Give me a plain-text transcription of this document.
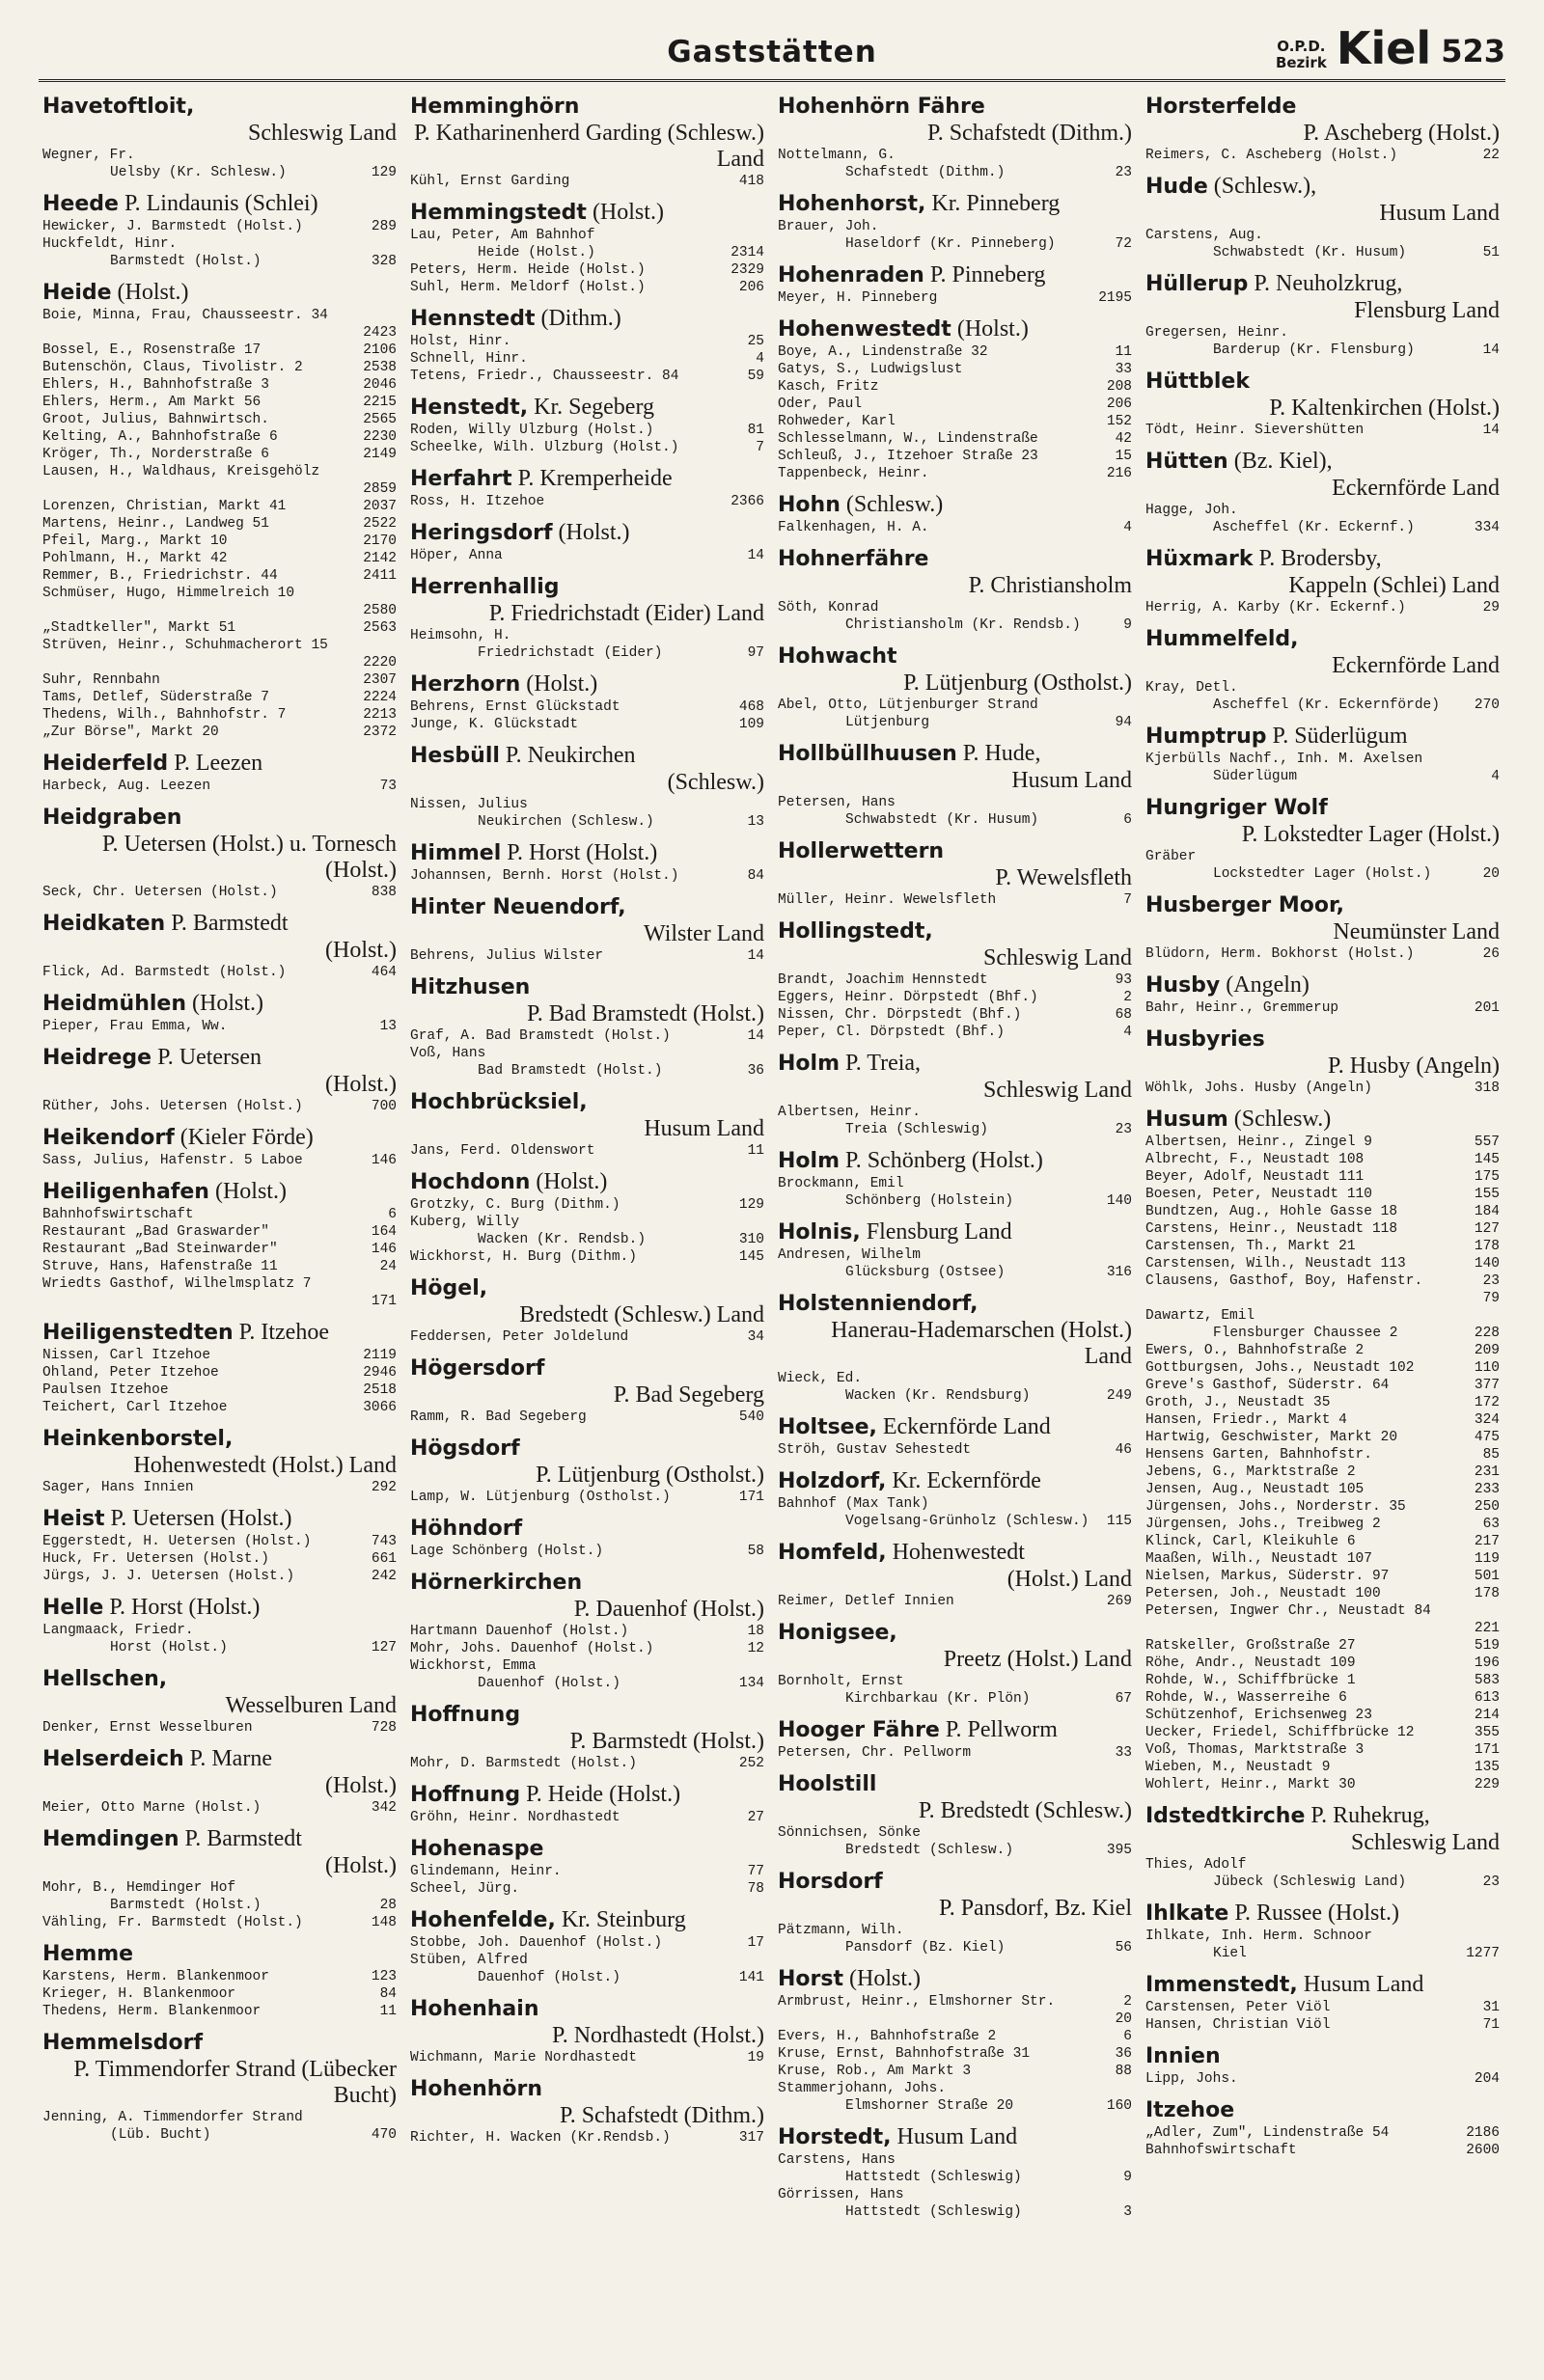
Gaststätten	O.P.D.
Bezirk Kiel 523
Havetoftloit,
Schleswig Land
Wegner, Fr.
Uelsby (Kr. Schlesw.)	129
Heede P. Lindaunis (Schlei)
Hewicker, J. Barmstedt (Holst.)	289
Huckfeldt, Hinr.
Barmstedt (Holst.)	328
Heide (Holst.)
Boie, Minna, Frau, Chausseestr. 34
2423
Bossel, E., Rosenstraße 17	2106
Butenschön, Claus, Tivolistr. 2	2538
Ehlers, H., Bahnhofstraße 3	2046
Ehlers, Herm., Am Markt 56	2215
Groot, Julius, Bahnwirtsch.	2565
Kelting, A., Bahnhofstraße 6	2230
Kröger, Th., Norderstraße 6	2149
Lausen, H., Waldhaus, Kreisgehölz
2859
Lorenzen, Christian, Markt 41	2037
Martens, Heinr., Landweg 51	2522
Pfeil, Marg., Markt 10	2170
Pohlmann, H., Markt 42	2142
Remmer, B., Friedrichstr. 44	2411
Schmüser, Hugo, Himmelreich 10
2580
„Stadtkeller", Markt 51	2563
Strüven, Heinr., Schuhmacherort 15
2220
Suhr, Rennbahn	2307
Tams, Detlef, Süderstraße 7	2224
Thedens, Wilh., Bahnhofstr. 7	2213
„Zur Börse", Markt 20	2372
Heiderfeld P. Leezen
Harbeck, Aug. Leezen	73
Heidgraben
P. Uetersen (Holst.) u. Tornesch (Holst.)
Seck, Chr. Uetersen (Holst.)	838
Heidkaten P. Barmstedt
(Holst.)
Flick, Ad. Barmstedt (Holst.)	464
Heidmühlen (Holst.)
Pieper, Frau Emma, Ww.	13
Heidrege P. Uetersen
(Holst.)
Rüther, Johs. Uetersen (Holst.)	700
Heikendorf (Kieler Förde)
Sass, Julius, Hafenstr. 5 Laboe	146
Heiligenhafen (Holst.)
Bahnhofswirtschaft	6
Restaurant „Bad Graswarder"	164
Restaurant „Bad Steinwarder"	146
Struve, Hans, Hafenstraße 11	24
Wriedts Gasthof, Wilhelmsplatz 7
171
Heiligenstedten P. Itzehoe
Nissen, Carl Itzehoe	2119
Ohland, Peter Itzehoe	2946
Paulsen Itzehoe	2518
Teichert, Carl Itzehoe	3066
Heinkenborstel,
Hohenwestedt (Holst.) Land
Sager, Hans Innien	292
Heist P. Uetersen (Holst.)
Eggerstedt, H. Uetersen (Holst.)	743
Huck, Fr. Uetersen (Holst.)	661
Jürgs, J. J. Uetersen (Holst.)	242
Helle P. Horst (Holst.)
Langmaack, Friedr.
Horst (Holst.)	127
Hellschen,
Wesselburen Land
Denker, Ernst Wesselburen	728
Helserdeich P. Marne
(Holst.)
Meier, Otto Marne (Holst.)	342
Hemdingen P. Barmstedt
(Holst.)
Mohr, B., Hemdinger Hof
Barmstedt (Holst.)	28
Vähling, Fr. Barmstedt (Holst.)	148
Hemme
Karstens, Herm. Blankenmoor	123
Krieger, H. Blankenmoor	84
Thedens, Herm. Blankenmoor	11
Hemmelsdorf
P. Timmendorfer Strand (Lübecker Bucht)
Jenning, A. Timmendorfer Strand
(Lüb. Bucht)	470
Hemminghörn
P. Katharinenherd Garding (Schlesw.) Land
Kühl, Ernst Garding	418
Hemmingstedt (Holst.)
Lau, Peter, Am Bahnhof
Heide (Holst.)	2314
Peters, Herm. Heide (Holst.)	2329
Suhl, Herm. Meldorf (Holst.)	206
Hennstedt (Dithm.)
Holst, Hinr.	25
Schnell, Hinr.	4
Tetens, Friedr., Chausseestr. 84	59
Henstedt, Kr. Segeberg
Roden, Willy Ulzburg (Holst.)	81
Scheelke, Wilh. Ulzburg (Holst.)	7
Herfahrt P. Kremperheide
Ross, H. Itzehoe	2366
Heringsdorf (Holst.)
Höper, Anna	14
Herrenhallig
P. Friedrichstadt (Eider) Land
Heimsohn, H.
Friedrichstadt (Eider)	97
Herzhorn (Holst.)
Behrens, Ernst Glückstadt	468
Junge, K. Glückstadt	109
Hesbüll P. Neukirchen
(Schlesw.)
Nissen, Julius
Neukirchen (Schlesw.)	13
Himmel P. Horst (Holst.)
Johannsen, Bernh. Horst (Holst.)	84
Hinter Neuendorf,
Wilster Land
Behrens, Julius Wilster	14
Hitzhusen
P. Bad Bramstedt (Holst.)
Graf, A. Bad Bramstedt (Holst.)	14
Voß, Hans
Bad Bramstedt (Holst.)	36
Hochbrücksiel,
Husum Land
Jans, Ferd. Oldenswort	11
Hochdonn (Holst.)
Grotzky, C. Burg (Dithm.)	129
Kuberg, Willy
Wacken (Kr. Rendsb.)	310
Wickhorst, H. Burg (Dithm.)	145
Högel,
Bredstedt (Schlesw.) Land
Feddersen, Peter Joldelund	34
Högersdorf
P. Bad Segeberg
Ramm, R. Bad Segeberg	540
Högsdorf
P. Lütjenburg (Ostholst.)
Lamp, W. Lütjenburg (Ostholst.)	171
Höhndorf
Lage Schönberg (Holst.)	58
Hörnerkirchen
P. Dauenhof (Holst.)
Hartmann Dauenhof (Holst.)	18
Mohr, Johs. Dauenhof (Holst.)	12
Wickhorst, Emma
Dauenhof (Holst.)	134
Hoffnung
P. Barmstedt (Holst.)
Mohr, D. Barmstedt (Holst.)	252
Hoffnung P. Heide (Holst.)
Gröhn, Heinr. Nordhastedt	27
Hohenaspe
Glindemann, Heinr.	77
Scheel, Jürg.	78
Hohenfelde, Kr. Steinburg
Stobbe, Joh. Dauenhof (Holst.)	17
Stüben, Alfred
Dauenhof (Holst.)	141
Hohenhain
P. Nordhastedt (Holst.)
Wichmann, Marie Nordhastedt	19
Hohenhörn
P. Schafstedt (Dithm.)
Richter, H. Wacken (Kr.Rendsb.)	317
Hohenhörn Fähre
P. Schafstedt (Dithm.)
Nottelmann, G.
Schafstedt (Dithm.)	23
Hohenhorst, Kr. Pinneberg
Brauer, Joh.
Haseldorf (Kr. Pinneberg)	72
Hohenraden P. Pinneberg
Meyer, H. Pinneberg	2195
Hohenwestedt (Holst.)
Boye, A., Lindenstraße 32	11
Gatys, S., Ludwigslust	33
Kasch, Fritz	208
Oder, Paul	206
Rohweder, Karl	152
Schlesselmann, W., Lindenstraße	42
Schleuß, J., Itzehoer Straße 23	15
Tappenbeck, Heinr.	216
Hohn (Schlesw.)
Falkenhagen, H. A.	4
Hohnerfähre
P. Christiansholm
Söth, Konrad
Christiansholm (Kr. Rendsb.)	9
Hohwacht
P. Lütjenburg (Ostholst.)
Abel, Otto, Lütjenburger Strand
Lütjenburg	94
Hollbüllhuusen P. Hude,
Husum Land
Petersen, Hans
Schwabstedt (Kr. Husum)	6
Hollerwettern
P. Wewelsfleth
Müller, Heinr. Wewelsfleth	7
Hollingstedt,
Schleswig Land
Brandt, Joachim Hennstedt	93
Eggers, Heinr. Dörpstedt (Bhf.)	2
Nissen, Chr. Dörpstedt (Bhf.)	68
Peper, Cl. Dörpstedt (Bhf.)	4
Holm P. Treia,
Schleswig Land
Albertsen, Heinr.
Treia (Schleswig)	23
Holm P. Schönberg (Holst.)
Brockmann, Emil
Schönberg (Holstein)	140
Holnis, Flensburg Land
Andresen, Wilhelm
Glücksburg (Ostsee)	316
Holstenniendorf,
Hanerau-Hademarschen (Holst.) Land
Wieck, Ed.
Wacken (Kr. Rendsburg)	249
Holtsee, Eckernförde Land
Ströh, Gustav Sehestedt	46
Holzdorf, Kr. Eckernförde
Bahnhof (Max Tank)
Vogelsang-Grünholz (Schlesw.) 115
Homfeld, Hohenwestedt
(Holst.) Land
Reimer, Detlef Innien	269
Honigsee,
Preetz (Holst.) Land
Bornholt, Ernst
Kirchbarkau (Kr. Plön)	67
Hooger Fähre P. Pellworm
Petersen, Chr. Pellworm	33
Hoolstill
P. Bredstedt (Schlesw.)
Sönnichsen, Sönke
Bredstedt (Schlesw.)	395
Horsdorf
P. Pansdorf, Bz. Kiel
Pätzmann, Wilh.
Pansdorf (Bz. Kiel)	56
Horst (Holst.)
Armbrust, Heinr., Elmshorner Str.	2
20
Evers, H., Bahnhofstraße 2	6
Kruse, Ernst, Bahnhofstraße 31	36
Kruse, Rob., Am Markt 3	88
Stammerjohann, Johs.
Elmshorner Straße 20	160
Horstedt, Husum Land
Carstens, Hans
Hattstedt (Schleswig)	9
Görrissen, Hans
Hattstedt (Schleswig)	3
Horsterfelde
P. Ascheberg (Holst.)
Reimers, C. Ascheberg (Holst.)	22
Hude (Schlesw.),
Husum Land
Carstens, Aug.
Schwabstedt (Kr. Husum)	51
Hüllerup P. Neuholzkrug,
Flensburg Land
Gregersen, Heinr.
Barderup (Kr. Flensburg)	14
Hüttblek
P. Kaltenkirchen (Holst.)
Tödt, Heinr. Sievershütten	14
Hütten (Bz. Kiel),
Eckernförde Land
Hagge, Joh.
Ascheffel (Kr. Eckernf.)	334
Hüxmark P. Brodersby,
Kappeln (Schlei) Land
Herrig, A. Karby (Kr. Eckernf.)	29
Hummelfeld,
Eckernförde Land
Kray, Detl.
Ascheffel (Kr. Eckernförde) 270
Humptrup P. Süderlügum
Kjerbülls Nachf., Inh. M. Axelsen
Süderlügum	4
Hungriger Wolf
P. Lokstedter Lager (Holst.)
Gräber
Lockstedter Lager (Holst.)	20
Husberger Moor,
Neumünster Land
Blüdorn, Herm. Bokhorst (Holst.)	26
Husby (Angeln)
Bahr, Heinr., Gremmerup	201
Husbyries
P. Husby (Angeln)
Wöhlk, Johs. Husby (Angeln)	318
Husum (Schlesw.)
Albertsen, Heinr., Zingel 9	557
Albrecht, F., Neustadt 108	145
Beyer, Adolf, Neustadt 111	175
Boesen, Peter, Neustadt 110	155
Bundtzen, Aug., Hohle Gasse 18	184
Carstens, Heinr., Neustadt 118	127
Carstensen, Th., Markt 21	178
Carstensen, Wilh., Neustadt 113	140
Clausens, Gasthof, Boy, Hafenstr.	23
79
Dawartz, Emil
Flensburger Chaussee 2	228
Ewers, O., Bahnhofstraße 2	209
Gottburgsen, Johs., Neustadt 102	110
Greve's Gasthof, Süderstr. 64	377
Groth, J., Neustadt 35	172
Hansen, Friedr., Markt 4	324
Hartwig, Geschwister, Markt 20	475
Hensens Garten, Bahnhofstr.	85
Jebens, G., Marktstraße 2	231
Jensen, Aug., Neustadt 105	233
Jürgensen, Johs., Norderstr. 35	250
Jürgensen, Johs., Treibweg 2	63
Klinck, Carl, Kleikuhle 6	217
Maaßen, Wilh., Neustadt 107	119
Nielsen, Markus, Süderstr. 97	501
Petersen, Joh., Neustadt 100	178
Petersen, Ingwer Chr., Neustadt 84
221
Ratskeller, Großstraße 27	519
Röhe, Andr., Neustadt 109	196
Rohde, W., Schiffbrücke 1	583
Rohde, W., Wasserreihe 6	613
Schützenhof, Erichsenweg 23	214
Uecker, Friedel, Schiffbrücke 12	355
Voß, Thomas, Marktstraße 3	171
Wieben, M., Neustadt 9	135
Wohlert, Heinr., Markt 30	229
Idstedtkirche P. Ruhekrug,
Schleswig Land
Thies, Adolf
Jübeck (Schleswig Land)	23
Ihlkate P. Russee (Holst.)
Ihlkate, Inh. Herm. Schnoor
Kiel	1277
Immenstedt, Husum Land
Carstensen, Peter Viöl	31
Hansen, Christian Viöl	71
Innien
Lipp, Johs.	204
Itzehoe
„Adler, Zum", Lindenstraße 54	2186
Bahnhofswirtschaft	2600
